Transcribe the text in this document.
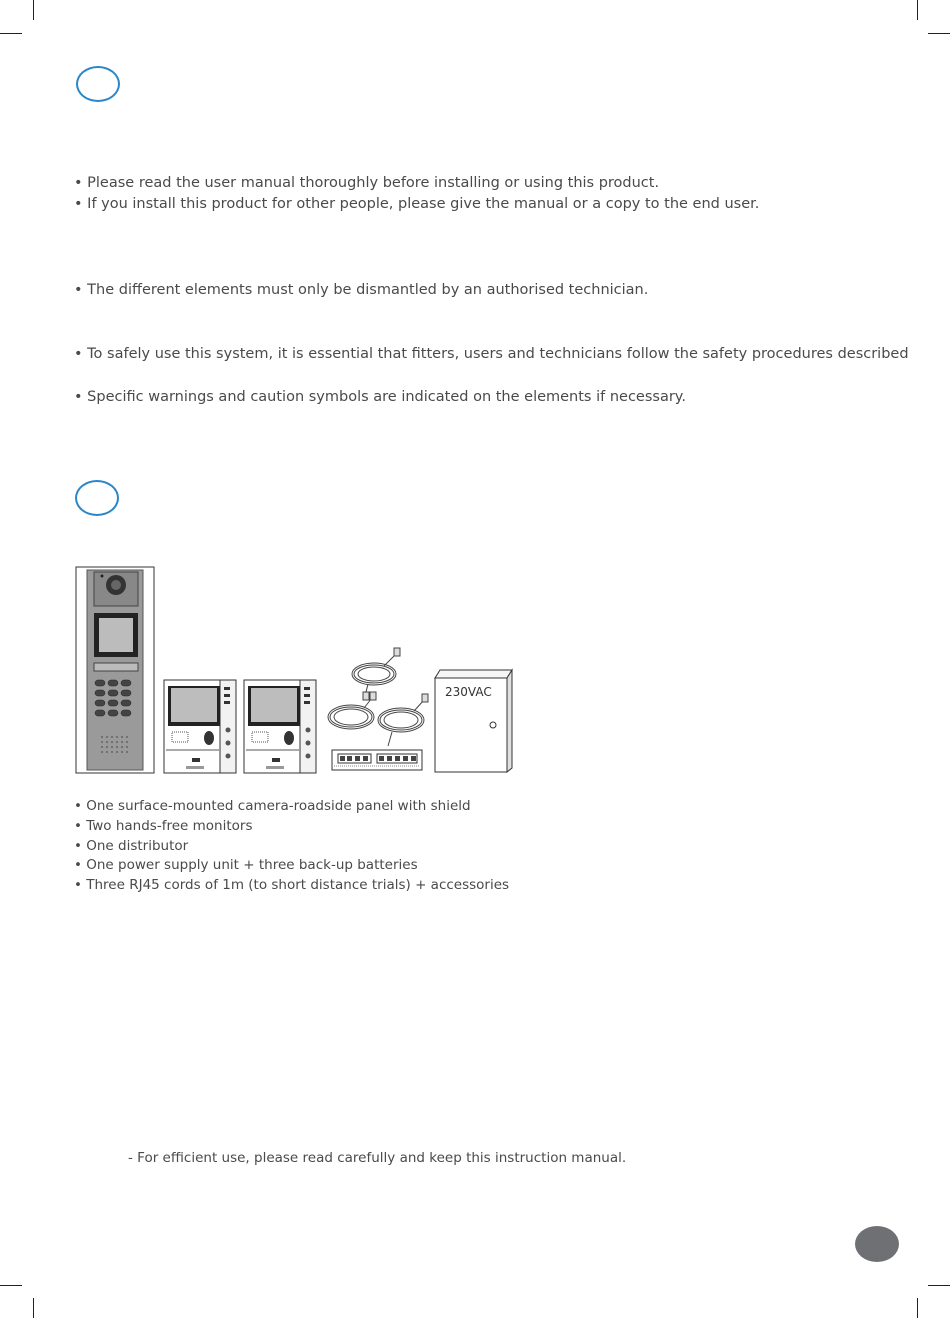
• Please read the user manual thoroughly before installing or using this product.

• If you install this product for other people, please give the manual or a copy to the end user.

• The different elements must only be dismantled by an authorised technician.

• To safely use this system, it is essential that fitters, users and technicians follow the safety procedures described

• Specific warnings and caution symbols are indicated on the elements if necessary.

230VAC
• One surface-mounted camera-roadside panel with shield
• Two hands-free monitors
• One distributor
• One power supply unit + three back-up batteries
• Three RJ45 cords of 1m (to short distance trials) + accessories
- For efficient use, please read carefully and keep this instruction manual.
